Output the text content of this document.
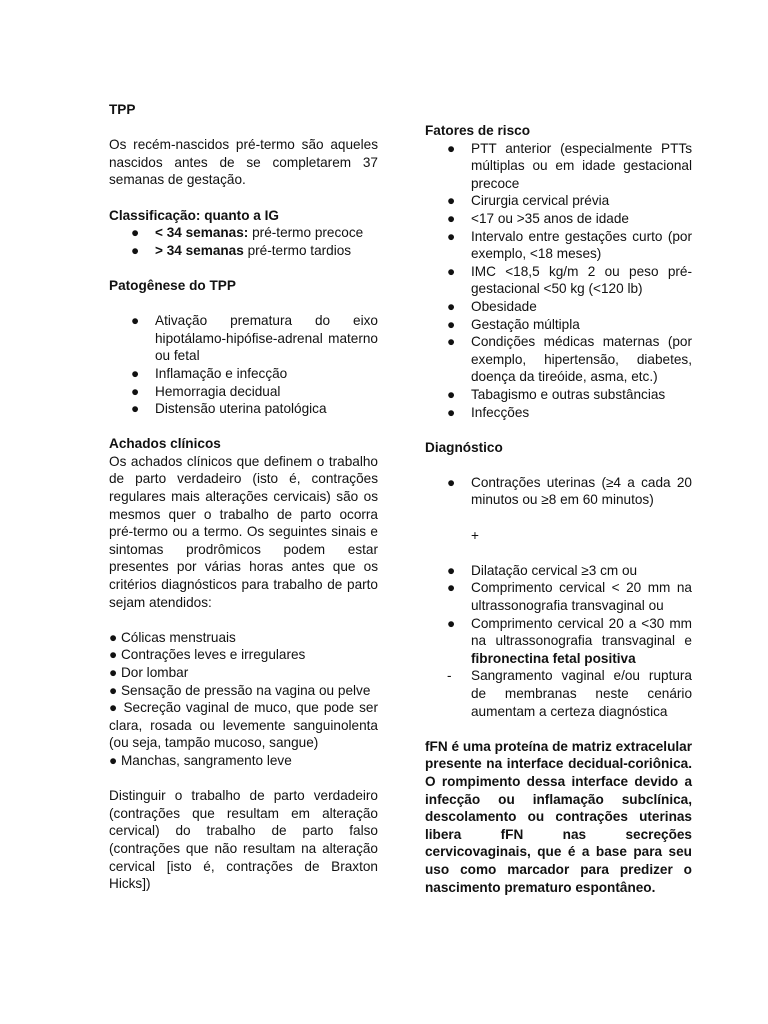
TPP

Os recém-nascidos pré-termo são aqueles nascidos antes de se completarem 37 semanas de gestação.

Classificação: quanto a IG

● < 34 semanas: pré-termo precoce
● > 34 semanas pré-termo tardios

Patogênese do TPP

● Ativação prematura do eixo hipotálamo-hipófise-adrenal materno ou fetal
● Inflamação e infecção
● Hemorragia decidual
● Distensão uterina patológica

Achados clínicos

Os achados clínicos que definem o trabalho de parto verdadeiro (isto é, contrações regulares mais alterações cervicais) são os mesmos quer o trabalho de parto ocorra pré-termo ou a termo. Os seguintes sinais e sintomas prodrômicos podem estar presentes por várias horas antes que os critérios diagnósticos para trabalho de parto sejam atendidos:

● Cólicas menstruais

● Contrações leves e irregulares

● Dor lombar

● Sensação de pressão na vagina ou pelve

● Secreção vaginal de muco, que pode ser clara, rosada ou levemente sanguinolenta (ou seja, tampão mucoso, sangue)

● Manchas, sangramento leve

Distinguir o trabalho de parto verdadeiro (contrações que resultam em alteração cervical) do trabalho de parto falso (contrações que não resultam na alteração cervical [isto é, contrações de Braxton Hicks])

Fatores de risco

● PTT anterior (especialmente PTTs múltiplas ou em idade gestacional precoce
● Cirurgia cervical prévia
● <17 ou >35 anos de idade
● Intervalo entre gestações curto (por exemplo, <18 meses)
● IMC <18,5 kg/m 2 ou peso pré-gestacional <50 kg (<120 lb)
● Obesidade
● Gestação múltipla
● Condições médicas maternas (por exemplo, hipertensão, diabetes, doença da tireóide, asma, etc.)
● Tabagismo e outras substâncias
● Infecções

Diagnóstico

● Contrações uterinas (≥4 a cada 20 minutos ou ≥8 em 60 minutos)
+
● Dilatação cervical ≥3 cm ou
● Comprimento cervical < 20 mm na ultrassonografia transvaginal ou
● Comprimento cervical 20 a <30 mm na ultrassonografia transvaginal e fibronectina fetal positiva
- Sangramento vaginal e/ou ruptura de membranas neste cenário aumentam a certeza diagnóstica

fFN é uma proteína de matriz extracelular presente na interface decidual-coriônica. O rompimento dessa interface devido a infecção ou inflamação subclínica, descolamento ou contrações uterinas libera fFN nas secreções cervicovaginais, que é a base para seu uso como marcador para predizer o nascimento prematuro espontâneo.
